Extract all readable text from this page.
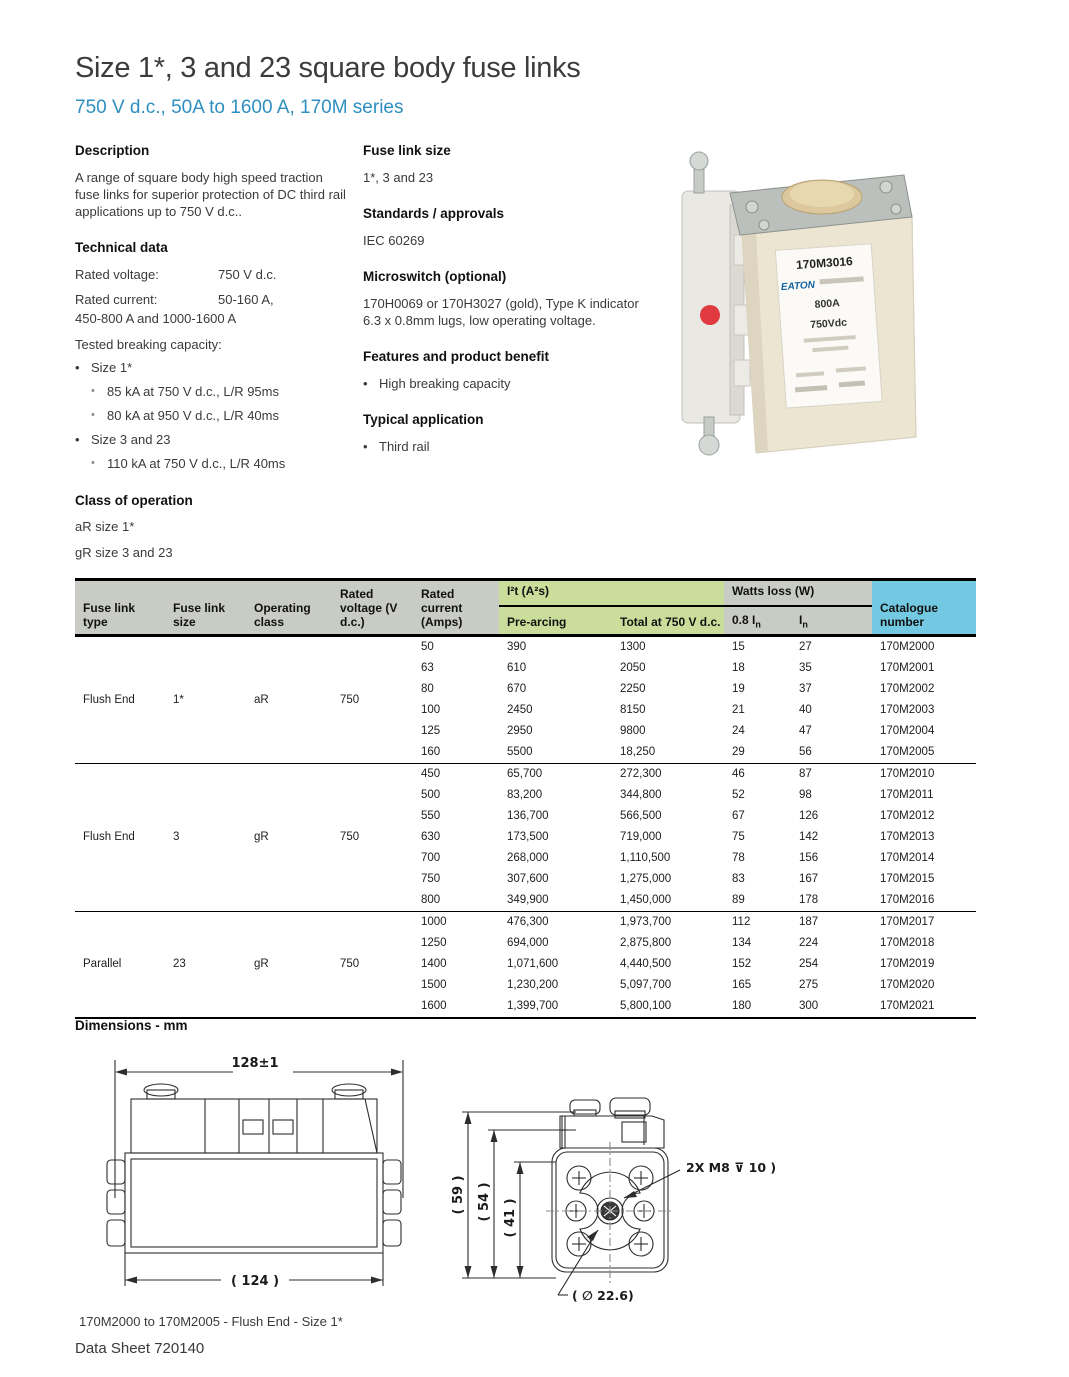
Size 1*, 3 and 23 square body fuse links
750 V d.c., 50A to 1600 A, 170M series

Description

A range of square body high speed traction fuse links for superior protection of DC third rail applications up to 750 V d.c..

Technical data

Rated voltage:	750 V d.c.
Rated current:	50-160 A,

450-800 A and 1000-1600 A

Tested breaking capacity:

• Size 1*
• 85 kA at 750 V d.c., L/R 95ms
• 80 kA at 950 V d.c., L/R 40ms
• Size 3 and 23
• 110 kA at 750 V d.c., L/R 40ms

Class of operation

aR size 1*

gR size 3 and 23

Fuse link size

1*, 3 and 23

Standards / approvals

IEC 60269

Microswitch (optional)

170H0069 or 170H3027 (gold), Type K indicator 6.3 x 0.8mm lugs, low operating voltage.

Features and product benefit

• High breaking capacity

Typical application

• Third rail
170M3016
EATON
800A
750Vdc
Fuse link type	Fuse link size	Operating class	Rated voltage (V d.c.)	Rated current (Amps)	I²t (A²s)		Watts loss (W)		Catalogue number
					Pre-arcing	Total at 750 V d.c.	0.8 $I_n$	$I_n$
Flush End	1*	aR	750	50	390	1300	15	27	170M2000
				63	610	2050	18	35	170M2001
				80	670	2250	19	37	170M2002
				100	2450	8150	21	40	170M2003
				125	2950	9800	24	47	170M2004
				160	5500	18,250	29	56	170M2005
Flush End	3	gR	750	450	65,700	272,300	46	87	170M2010
				500	83,200	344,800	52	98	170M2011
				550	136,700	566,500	67	126	170M2012
				630	173,500	719,000	75	142	170M2013
				700	268,000	1,110,500	78	156	170M2014
				750	307,600	1,275,000	83	167	170M2015
				800	349,900	1,450,000	89	178	170M2016
Parallel	23	gR	750	1000	476,300	1,973,700	112	187	170M2017
				1250	694,000	2,875,800	134	224	170M2018
				1400	1,071,600	4,440,500	152	254	170M2019
				1500	1,230,200	5,097,700	165	275	170M2020
				1600	1,399,700	5,800,100	180	300	170M2021
Dimensions - mm
128±1
( 124 )
( 59 ) ( 54 ) ( 41 )
2X M8 ⊽ 10 )
( ∅ 22.6)
170M2000 to 170M2005 - Flush End - Size 1*
Data Sheet 720140
